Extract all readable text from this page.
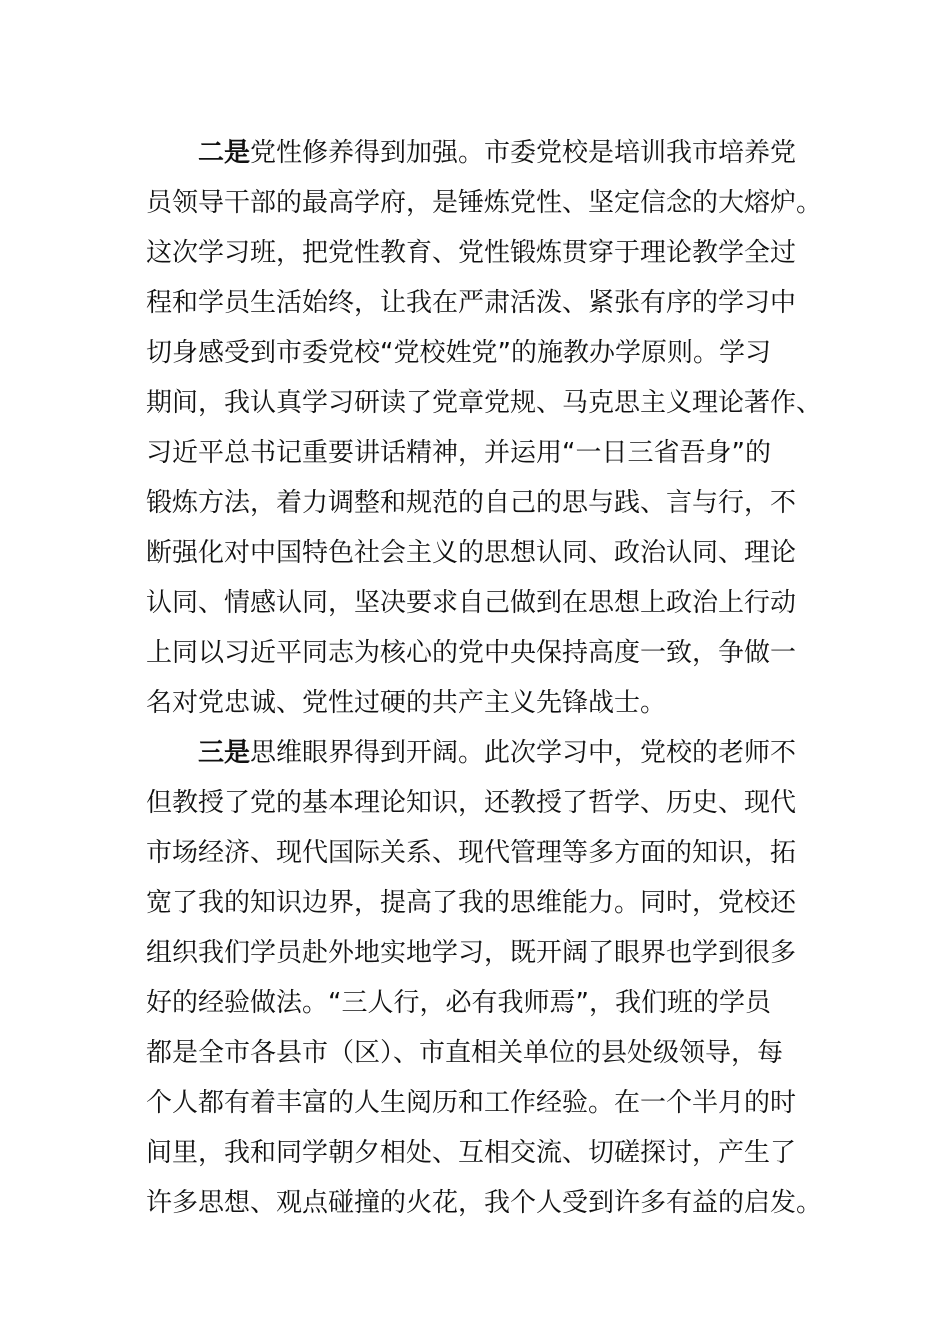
二是党性修养得到加强。市委党校是培训我市培养党
员领导干部的最高学府，是锤炼党性、坚定信念的大熔炉。
这次学习班，把党性教育、党性锻炼贯穿于理论教学全过
程和学员生活始终，让我在严肃活泼、紧张有序的学习中
切身感受到市委党校“党校姓党”的施教办学原则。学习
期间，我认真学习研读了党章党规、马克思主义理论著作、
习近平总书记重要讲话精神，并运用“一日三省吾身”的
锻炼方法，着力调整和规范的自己的思与践、言与行，不
断强化对中国特色社会主义的思想认同、政治认同、理论
认同、情感认同，坚决要求自己做到在思想上政治上行动
上同以习近平同志为核心的党中央保持高度一致，争做一
名对党忠诚、党性过硬的共产主义先锋战士。
三是思维眼界得到开阔。此次学习中，党校的老师不
但教授了党的基本理论知识，还教授了哲学、历史、现代
市场经济、现代国际关系、现代管理等多方面的知识，拓
宽了我的知识边界，提高了我的思维能力。同时，党校还
组织我们学员赴外地实地学习，既开阔了眼界也学到很多
好的经验做法。“三人行，必有我师焉”，我们班的学员
都是全市各县市（区）、市直相关单位的县处级领导，每
个人都有着丰富的人生阅历和工作经验。在一个半月的时
间里，我和同学朝夕相处、互相交流、切磋探讨，产生了
许多思想、观点碰撞的火花，我个人受到许多有益的启发。
